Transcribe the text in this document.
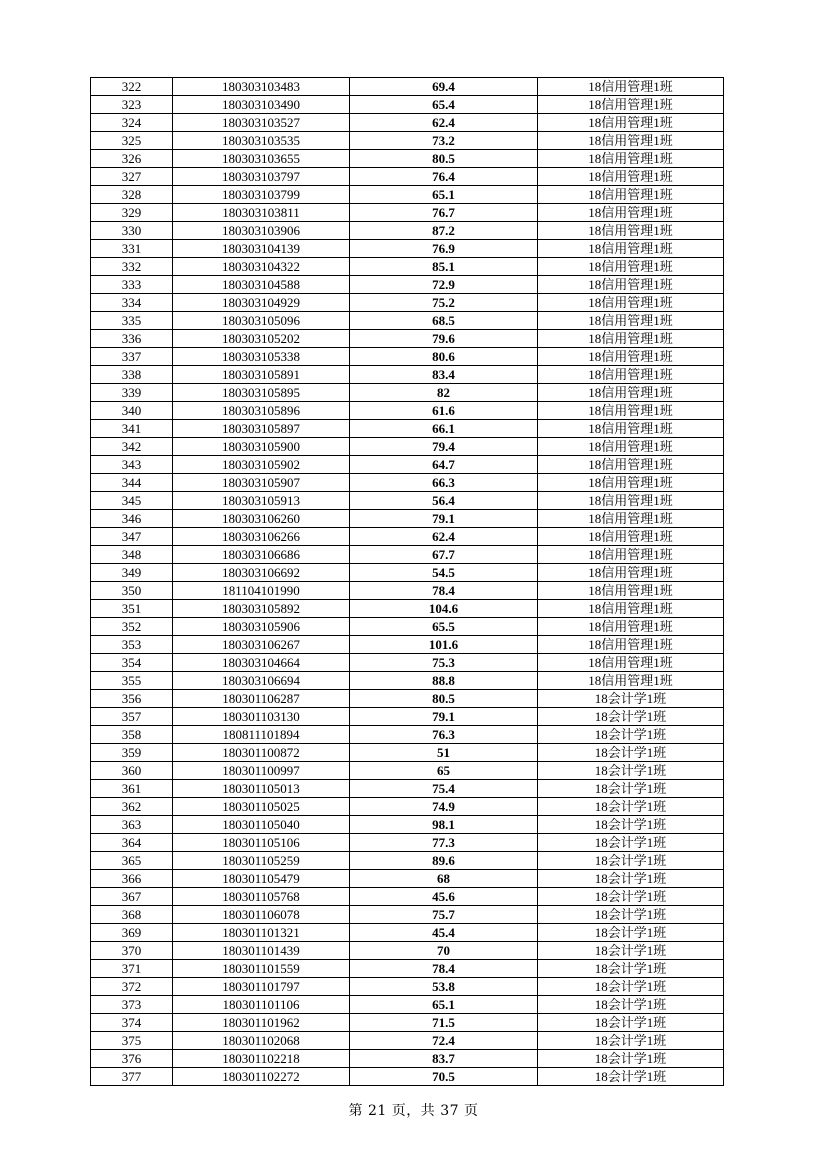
322	180303103483	69.4	18信用管理1班
323	180303103490	65.4	18信用管理1班
324	180303103527	62.4	18信用管理1班
325	180303103535	73.2	18信用管理1班
326	180303103655	80.5	18信用管理1班
327	180303103797	76.4	18信用管理1班
328	180303103799	65.1	18信用管理1班
329	180303103811	76.7	18信用管理1班
330	180303103906	87.2	18信用管理1班
331	180303104139	76.9	18信用管理1班
332	180303104322	85.1	18信用管理1班
333	180303104588	72.9	18信用管理1班
334	180303104929	75.2	18信用管理1班
335	180303105096	68.5	18信用管理1班
336	180303105202	79.6	18信用管理1班
337	180303105338	80.6	18信用管理1班
338	180303105891	83.4	18信用管理1班
339	180303105895	82	18信用管理1班
340	180303105896	61.6	18信用管理1班
341	180303105897	66.1	18信用管理1班
342	180303105900	79.4	18信用管理1班
343	180303105902	64.7	18信用管理1班
344	180303105907	66.3	18信用管理1班
345	180303105913	56.4	18信用管理1班
346	180303106260	79.1	18信用管理1班
347	180303106266	62.4	18信用管理1班
348	180303106686	67.7	18信用管理1班
349	180303106692	54.5	18信用管理1班
350	181104101990	78.4	18信用管理1班
351	180303105892	104.6	18信用管理1班
352	180303105906	65.5	18信用管理1班
353	180303106267	101.6	18信用管理1班
354	180303104664	75.3	18信用管理1班
355	180303106694	88.8	18信用管理1班
356	180301106287	80.5	18会计学1班
357	180301103130	79.1	18会计学1班
358	180811101894	76.3	18会计学1班
359	180301100872	51	18会计学1班
360	180301100997	65	18会计学1班
361	180301105013	75.4	18会计学1班
362	180301105025	74.9	18会计学1班
363	180301105040	98.1	18会计学1班
364	180301105106	77.3	18会计学1班
365	180301105259	89.6	18会计学1班
366	180301105479	68	18会计学1班
367	180301105768	45.6	18会计学1班
368	180301106078	75.7	18会计学1班
369	180301101321	45.4	18会计学1班
370	180301101439	70	18会计学1班
371	180301101559	78.4	18会计学1班
372	180301101797	53.8	18会计学1班
373	180301101106	65.1	18会计学1班
374	180301101962	71.5	18会计学1班
375	180301102068	72.4	18会计学1班
376	180301102218	83.7	18会计学1班
377	180301102272	70.5	18会计学1班
第 21 页，共 37 页
